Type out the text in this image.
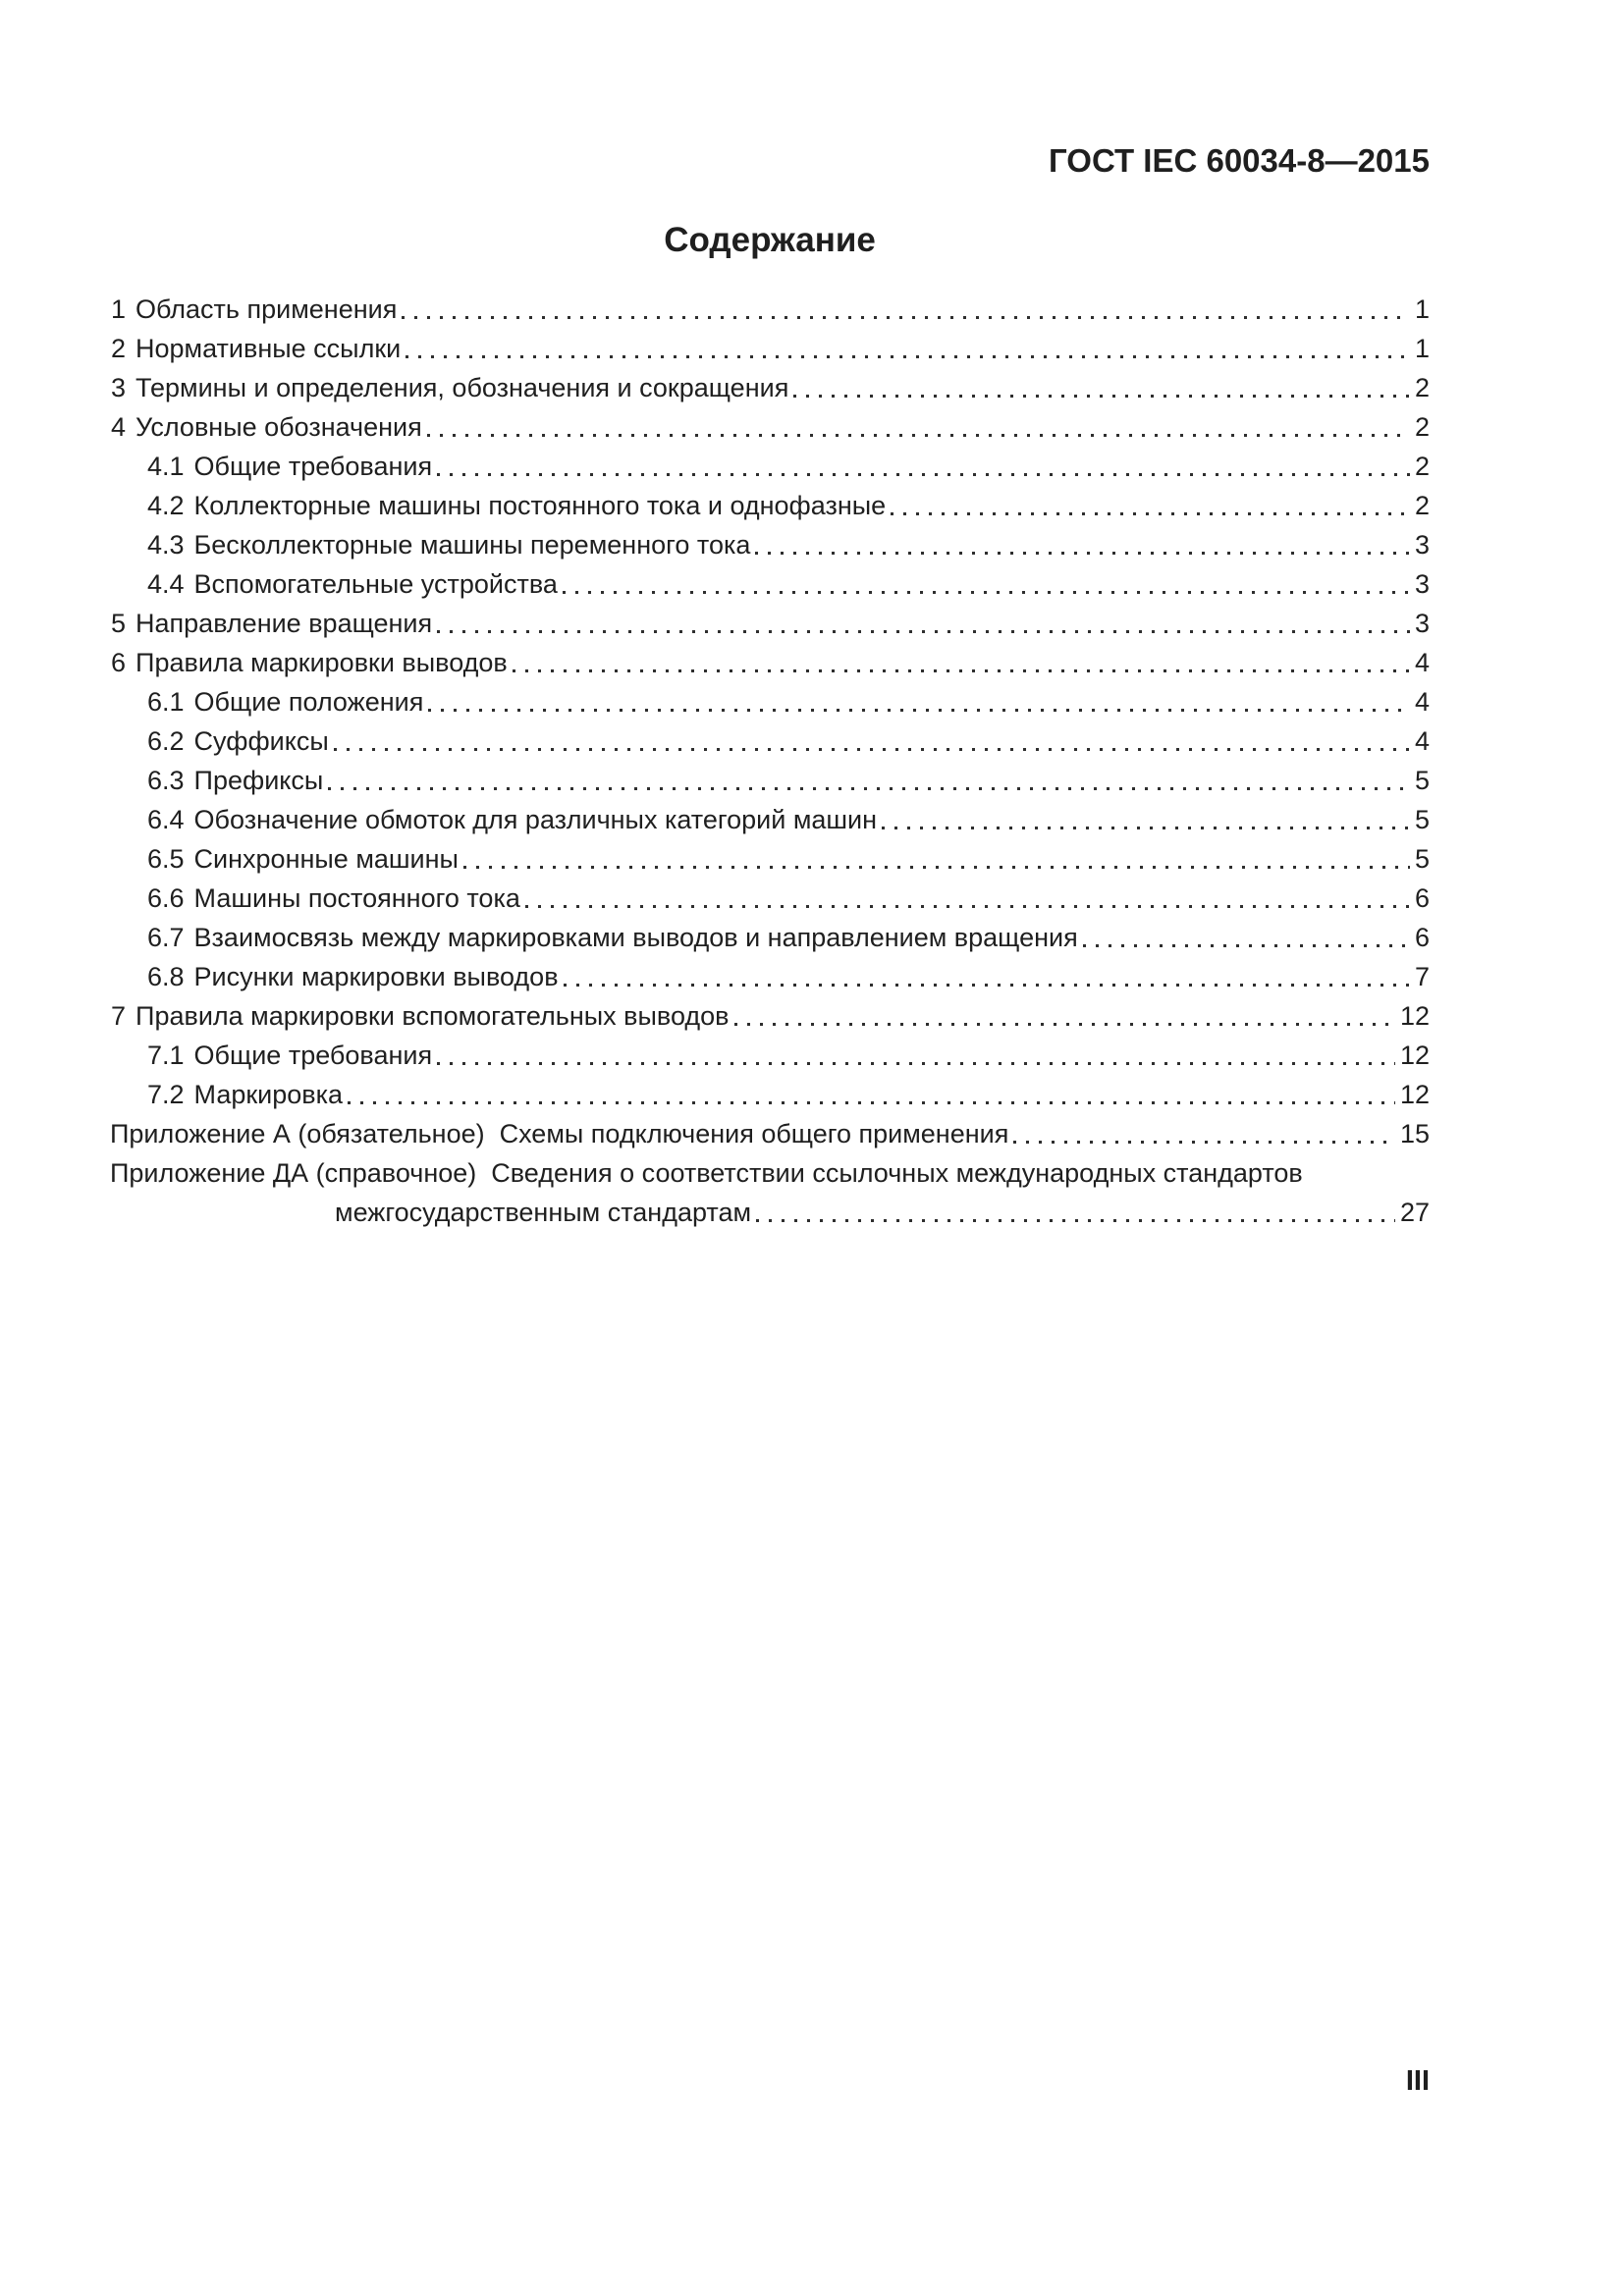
ГОСТ IEC 60034-8—2015
Содержание
1 Область применения	1
2 Нормативные ссылки	1
3 Термины и определения, обозначения и сокращения	2
4 Условные обозначения	2
4.1 Общие требования	2
4.2 Коллекторные машины постоянного тока и однофазные	2
4.3 Бесколлекторные машины переменного тока	3
4.4 Вспомогательные устройства	3
5 Направление вращения	3
6 Правила маркировки выводов	4
6.1 Общие положения	4
6.2 Суффиксы	4
6.3 Префиксы	5
6.4 Обозначение обмоток для различных категорий машин	5
6.5 Синхронные машины	5
6.6 Машины постоянного тока	6
6.7 Взаимосвязь между маркировками выводов и направлением вращения	6
6.8 Рисунки маркировки выводов	7
7 Правила маркировки вспомогательных выводов	12
7.1 Общие требования	12
7.2 Маркировка	12
Приложение А (обязательное)  Схемы подключения общего применения	15
Приложение ДА (справочное)  Сведения о соответствии ссылочных международных стандартов
межгосударственным стандартам	27
III
